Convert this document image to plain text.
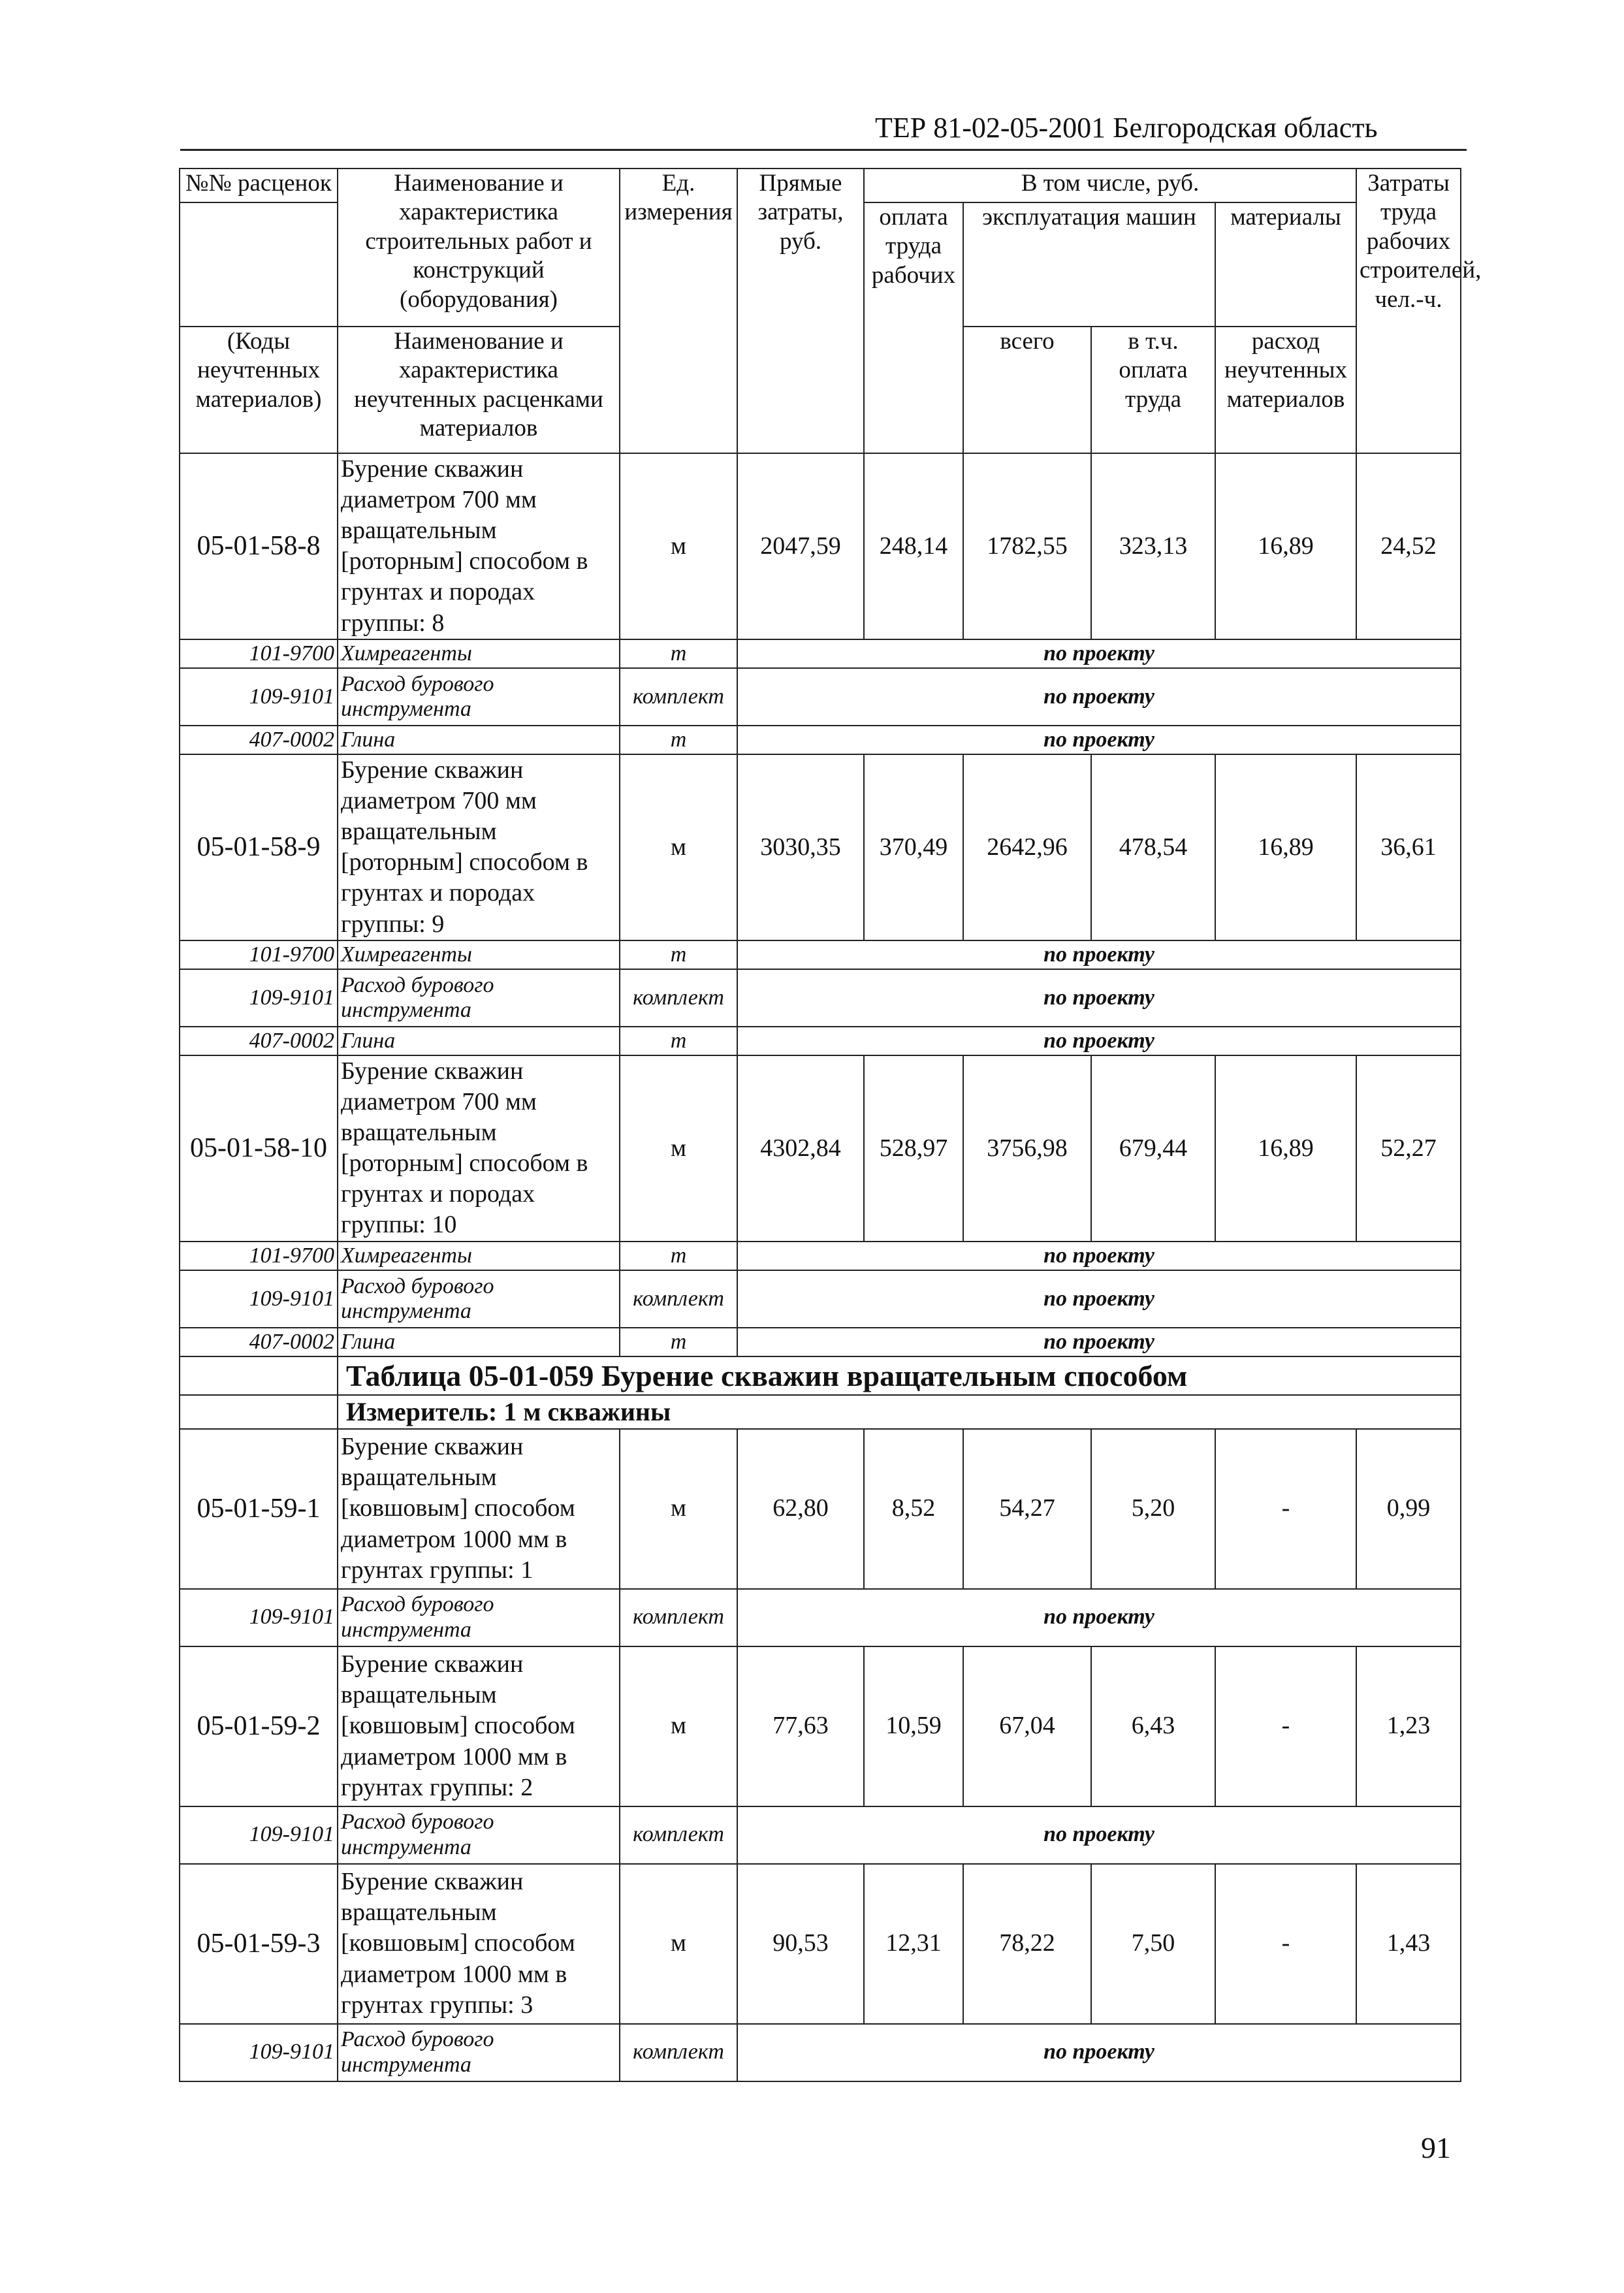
ТЕР 81-02-05-2001 Белгородская область
№№ расценок	Наименование и характеристика строительных работ и конструкций (оборудования)	Ед. измерения	Прямые затраты, руб.	В том числе, руб.				Затраты труда рабочих строителей, чел.-ч.
				оплата труда рабочих	эксплуатация машин		материалы	
(Коды неучтенных материалов)	Наименование и характеристика неучтенных расценками материалов				всего	в т.ч. оплата труда	расход неучтенных материалов	
05-01-58-8	Бурение скважин диаметром 700 мм вращательным [роторным] способом в грунтах и породах группы: 8	м	2047,59	248,14	1782,55	323,13	16,89	24,52
101-9700	Химреагенты	т	по проекту					
109-9101	Расход бурового инструмента	комплект	по проекту					
407-0002	Глина	т	по проекту					
05-01-58-9	Бурение скважин диаметром 700 мм вращательным [роторным] способом в грунтах и породах группы: 9	м	3030,35	370,49	2642,96	478,54	16,89	36,61
101-9700	Химреагенты	т	по проекту					
109-9101	Расход бурового инструмента	комплект	по проекту					
407-0002	Глина	т	по проекту					
05-01-58-10	Бурение скважин диаметром 700 мм вращательным [роторным] способом в грунтах и породах группы: 10	м	4302,84	528,97	3756,98	679,44	16,89	52,27
101-9700	Химреагенты	т	по проекту					
109-9101	Расход бурового инструмента	комплект	по проекту					
407-0002	Глина	т	по проекту					
	Таблица 05-01-059 Бурение скважин вращательным способом							
	Измеритель: 1 м скважины							
05-01-59-1	Бурение скважин вращательным [ковшовым] способом диаметром 1000 мм в грунтах группы: 1	м	62,80	8,52	54,27	5,20	-	0,99
109-9101	Расход бурового инструмента	комплект	по проекту					
05-01-59-2	Бурение скважин вращательным [ковшовым] способом диаметром 1000 мм в грунтах группы: 2	м	77,63	10,59	67,04	6,43	-	1,23
109-9101	Расход бурового инструмента	комплект	по проекту					
05-01-59-3	Бурение скважин вращательным [ковшовым] способом диаметром 1000 мм в грунтах группы: 3	м	90,53	12,31	78,22	7,50	-	1,43
109-9101	Расход бурового инструмента	комплект	по проекту					
91
